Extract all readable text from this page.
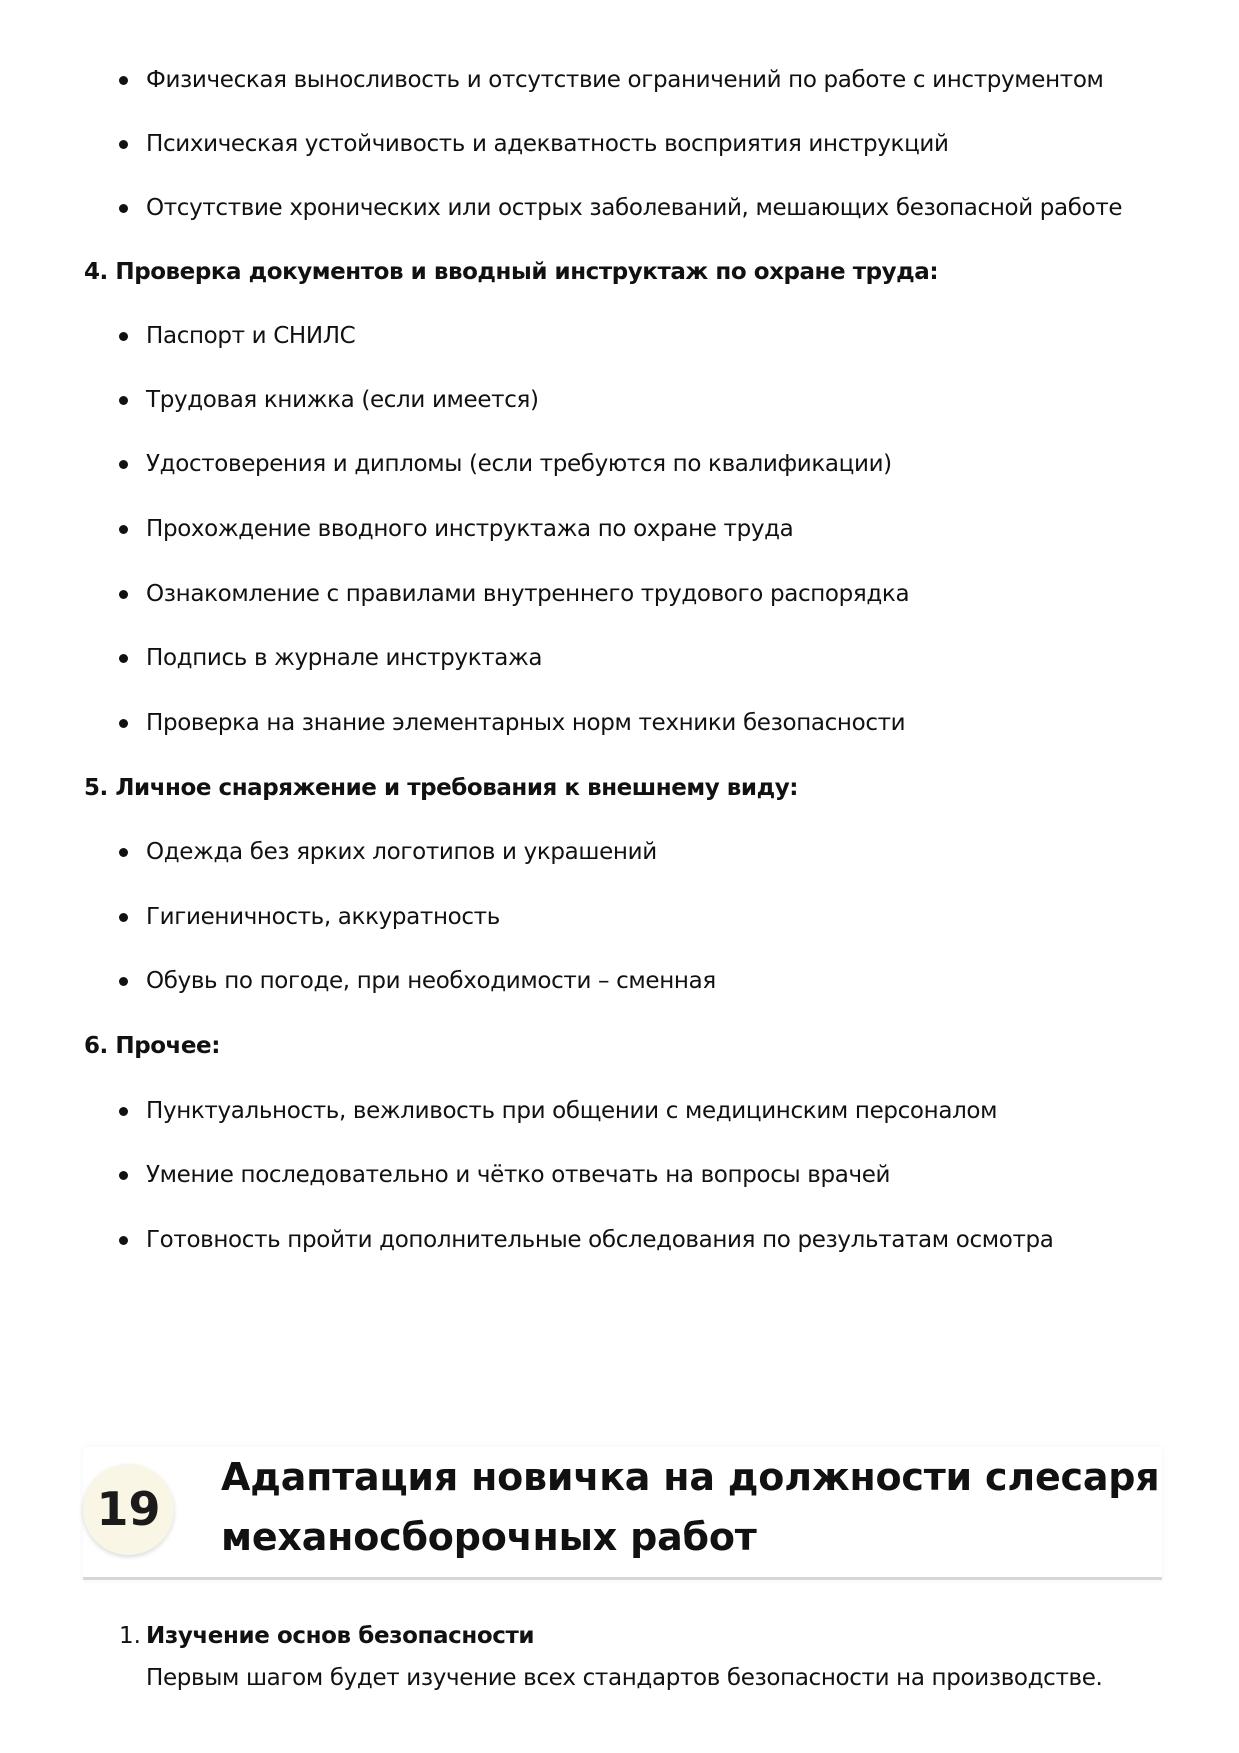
Физическая выносливость и отсутствие ограничений по работе с инструментом
Психическая устойчивость и адекватность восприятия инструкций
Отсутствие хронических или острых заболеваний, мешающих безопасной работе
4. Проверка документов и вводный инструктаж по охране труда:
Паспорт и СНИЛС
Трудовая книжка (если имеется)
Удостоверения и дипломы (если требуются по квалификации)
Прохождение вводного инструктажа по охране труда
Ознакомление с правилами внутреннего трудового распорядка
Подпись в журнале инструктажа
Проверка на знание элементарных норм техники безопасности
5. Личное снаряжение и требования к внешнему виду:
Одежда без ярких логотипов и украшений
Гигиеничность, аккуратность
Обувь по погоде, при необходимости – сменная
6. Прочее:
Пунктуальность, вежливость при общении с медицинским персоналом
Умение последовательно и чётко отвечать на вопросы врачей
Готовность пройти дополнительные обследования по результатам осмотра
19
Адаптация новичка на должности слесаря
механосборочных работ
1. Изучение основ безопасности
Первым шагом будет изучение всех стандартов безопасности на производстве.
